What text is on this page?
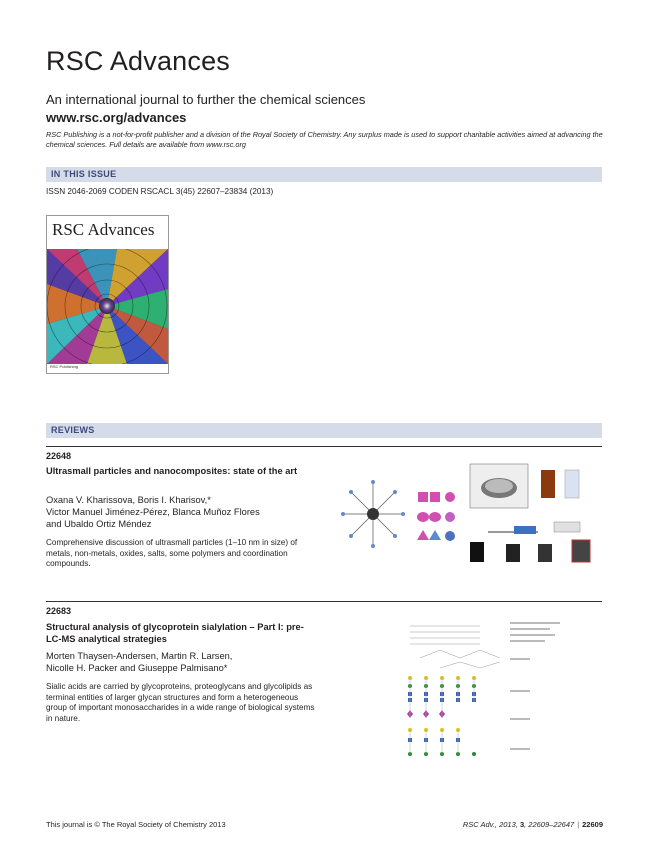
RSC Advances
An international journal to further the chemical sciences
www.rsc.org/advances
RSC Publishing is a not-for-profit publisher and a division of the Royal Society of Chemistry. Any surplus made is used to support charitable activities aimed at advancing the chemical sciences. Full details are available from www.rsc.org
IN THIS ISSUE
ISSN 2046-2069 CODEN RSCACL 3(45) 22607–23834 (2013)
RSC Advances
RSC Publishing
REVIEWS
22648
Ultrasmall particles and nanocomposites: state of the art
Oxana V. Kharissova, Boris I. Kharisov,*
Victor Manuel Jiménez-Pérez, Blanca Muñoz Flores
and Ubaldo Ortiz Méndez
Comprehensive discussion of ultrasmall particles (1–10 nm in size) of metals, non-metals, oxides, salts, some polymers and coordination compounds.
22683
Structural analysis of glycoprotein sialylation – Part I: pre-LC-MS analytical strategies
Morten Thaysen-Andersen, Martin R. Larsen,
Nicolle H. Packer and Giuseppe Palmisano*
Sialic acids are carried by glycoproteins, proteoglycans and glycolipids as terminal entities of larger glycan structures and form a heterogeneous group of important monosaccharides in a wide range of biological systems in nature.
This journal is © The Royal Society of Chemistry 2013	RSC Adv., 2013, 3, 22609–22647 | 22609
